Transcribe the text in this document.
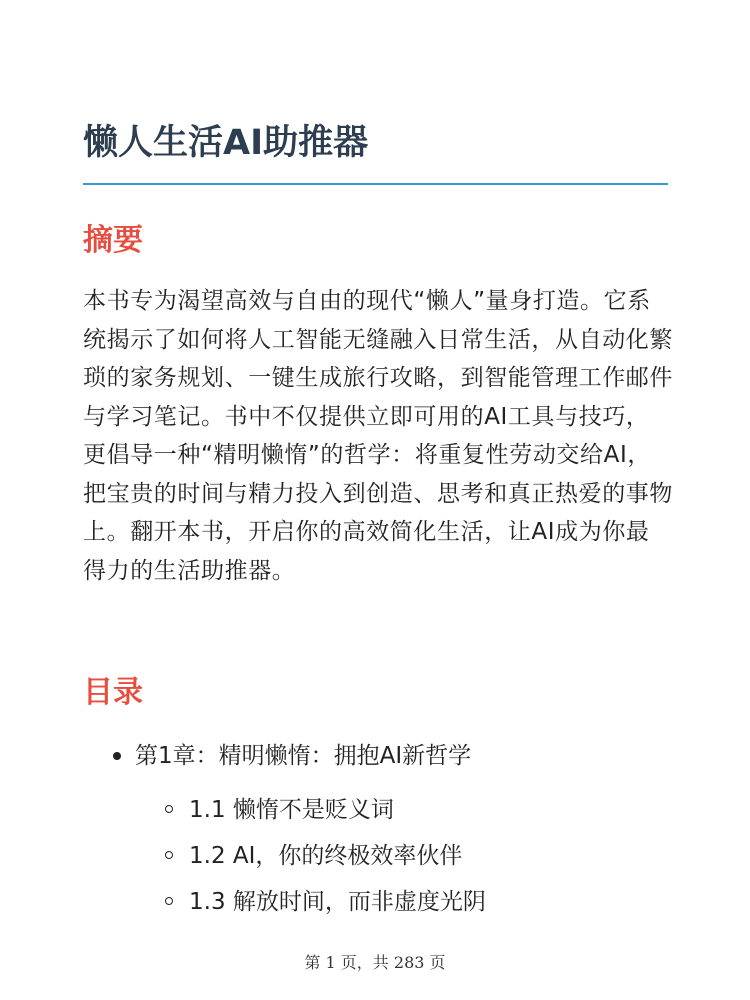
懒人生活AI助推器
摘要

本书专为渴望高效与自由的现代“懒人”量身打造。它系统揭示了如何将人工智能无缝融入日常生活，从自动化繁琐的家务规划、一键生成旅行攻略，到智能管理工作邮件与学习笔记。书中不仅提供立即可用的AI工具与技巧，更倡导一种“精明懒惰”的哲学：将重复性劳动交给AI，把宝贵的时间与精力投入到创造、思考和真正热爱的事物上。翻开本书，开启你的高效简化生活，让AI成为你最得力的生活助推器。

目录
第1章：精明懒惰：拥抱AI新哲学
1.1 懒惰不是贬义词
1.2 AI，你的终极效率伙伴
1.3 解放时间，而非虚度光阴
第 1 页，共 283 页
